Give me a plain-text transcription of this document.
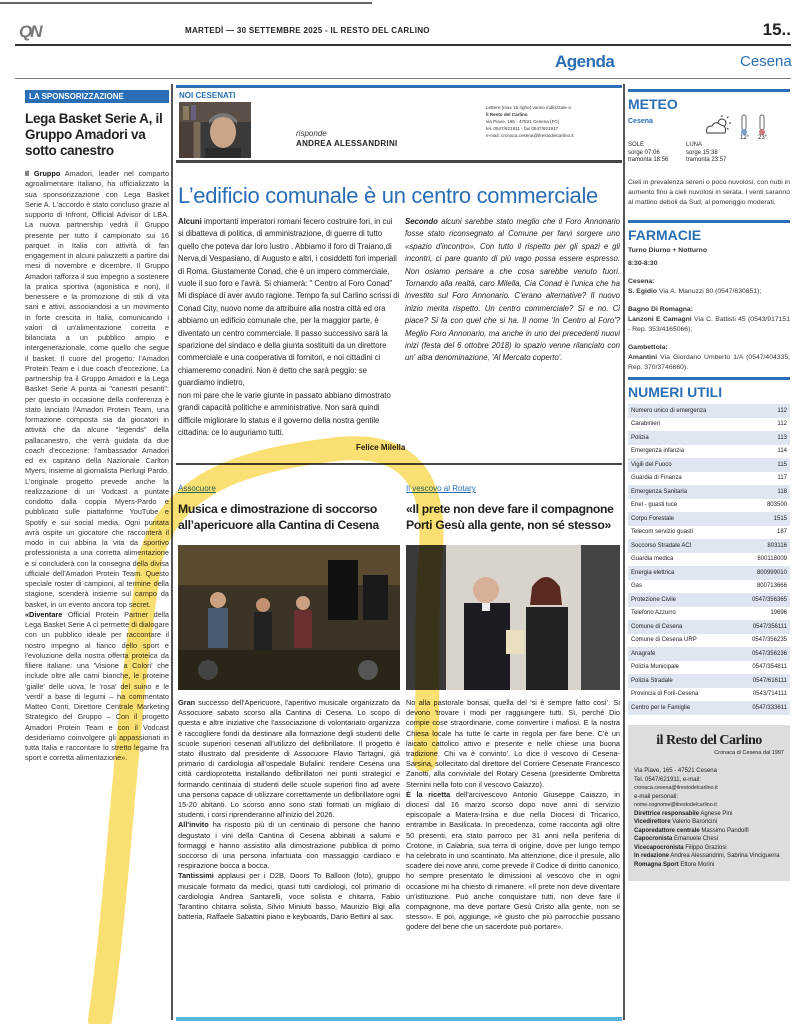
QN	MARTEDÌ — 30 SETTEMBRE 2025 - IL RESTO DEL CARLINO	15..
Agenda	Cesena
LA SPONSORIZZAZIONE
Lega Basket Serie A, il Gruppo Amadori va sotto canestro

Il Gruppo Amadori, leader nel comparto agroalimentare italiano, ha ufficializzato la sua sponsorizzazione con Lega Basket Serie A. L'accordo è stato concluso grazie al supporto di Infront, Official Advisor di LBA. La nuova partnership vedrà il Gruppo presente per tutto il campionato sui 16 parquet in Italia con attività di fan engagement in alcuni palazzetti a partire dai mesi di novembre e dicembre. Il Gruppo Amadori rafforza il suo impegno a sostenere la pratica sportiva (agonistica e non), il benessere e la promozione di stili di vita sani e attivi, associandosi a un movimento in forte crescita in Italia, comunicando i valori di un'alimentazione corretta e bilanciata a un pubblico ampio e intergenerazionale, come quello che segue il basket. Il cuore del progetto: l'Amadori Protein Team e i due coach d'eccezione. La partnership fra il Gruppo Amadori e la Lega Basket Serie A punta ai "canestri pesanti": per questo in occasione della conferenza è stato lanciato l'Amadori Protein Team, una formazione composta sia da giocatori in attività che da alcune "legends" della pallacanestro, che verrà guidata da due coach d'eccezione: l'ambassador Amadori ed ex capitano della Nazionale Carlton Myers, insieme al giornalista Pierluigi Pardo. L'originale progetto prevede anche la realizzazione di un Vodcast a puntate condotto dalla coppia Myers-Pardo e pubblicato sulle piattaforme YouTube e Spotify e sui social media. Ogni puntata avrà ospite un giocatore che racconterà il modo in cui abbina la vita da sportivo professionista a una corretta alimentazione e si concluderà con la consegna della divisa ufficiale dell'Amadori Protein Team. Questo speciale roster di campioni, al termine della stagione, scenderà insieme sul campo da basket, in un evento ancora top secret.

«Diventare Official Protein Partner della Lega Basket Serie A ci permette di dialogare con un pubblico ideale per raccontare il nostro impegno al fianco dello sport e l'evoluzione della nostra offerta proteica da filiere italiane: una 'Visione a Colori' che include oltre alle carni bianche, le proteine 'gialle' delle uova, le 'rosa' del suino e le 'verdi' a base di legumi – ha commentato Matteo Conti, Direttore Centrale Marketing Strategico del Gruppo – Con il progetto Amadori Protein Team e con il Vodcast desideriamo coinvolgere gli appassionati in tutta Italia e raccontare lo stretto legame fra sport e corretta alimentazione».

NOI CESENATI
risponde
ANDREA ALESSANDRINI
Lettere (max 15 righe) vanno indirizzate a
il Resto del Carlino
via Piave, 165 - 47521 Cesena (FC)
tel. 0547/621911 - fax 0547/621917
e-mail: cronaca.cesena@ilrestodelcarlino.it
L’edificio comunale è un centro commerciale

Alcuni importanti imperatori romani fecero costruire fori, in cui si dibatteva di politica, di amministrazione, di guerre di tutto quello che poteva dar loro lustro . Abbiamo il foro di Traiano,di Nerva,di Vespasiano, di Augusto e altri, i cosiddetti fori imperiali di Roma. Giustamente Conad, che è un impero commerciale, vuole il suo foro e l'avrà. Si chiamerà: " Centro al Foro Conad" Mi dispiace di aver avuto ragione. Tempo fa sul Carlino scrissi di Conad City, nuovo nome da attribuire alla nostra città ed ora abbiamo un edificio comunale che, per la maggior parte, è diventato un centro commerciale. Il passo successivo sarà la sparizione del sindaco e della giunta sostituiti da un direttore commerciale e una cooperativa di fornitori, e noi cittadini ci chiameremo conadini. Non è detto che sarà peggio: se guardiamo indietro,

non mi pare che le varie giunte in passato abbiano dimostrato grandi capacità politiche e amministrative. Non sarà quindi difficile migliorare lo status e il governo della nostra gentile cittadina: ce lo auguriamo tutti.

Felice Milella
Secondo alcuni sarebbe stato meglio che il Foro Annonario fosse stato riconsegnato al Comune per farvi sorgere uno «spazio d'incontro». Con tutto il rispetto per gli spazi e gli incontri, ci pare quanto di più vago possa essere espresso. Non osiamo pensare a che cosa sarebbe venuto fuori. Tornando alla realtà, caro Milella, Cia Conad è l'unica che ha investito sul Foro Annonario. C'erano alternative? Il nuovo inizio merita rispetto. Un centro commerciale? Sì e no. Ci piace? Si fa con quel che si ha. Il nome 'In Centro al Foro'? Meglio Foro Annonario, ma anche in uno dei precedenti nuovi inizi (festa del 6 ottobre 2018) lo spazio venne rilanciato con un' altra denominazione, 'Al Mercato coperto'.
Assocuore
Musica e dimostrazione di soccorso all’apericuore alla Cantina di Cesena

Gran successo dell'Apericuore, l'aperitivo musicale organizzato da Assocuore sabato scorso alla Cantina di Cesena. Lo scopo di questa e altre iniziative che l'associazione di volontariato organizza è raccogliere fondi da destinare alla formazione degli studenti delle scuole superiori cesenati all'utilizzo del defibrillatore. Il progetto è stato illustrato dal presidente di Assocuore Flavio Tartagni, già primario di cardiologia all'ospedale Bufalini: rendere Cesena una città cardioprotetta installando defibrillatori nei punti strategici e formando centinaia di studenti delle scuole superiori fino ad avere una persona capace di utilizzare correttamente un defibrillatore ogni 15-20 abitanti. Lo scorso anno sono stati formati un migliaio di studenti, i corsi riprenderanno all'inizio del 2026.

All'invito ha risposto più di un centinaio di persone che hanno degustato i vini della Cantina di Cesena abbinati a salumi e formaggi e hanno assistito alla dimostrazione pubblica di primo soccorso di una persona infartuata con massaggio cardiaco e respirazione bocca a bocca.

Tantissimi applausi per i D2B, Doors To Balloon (foto), gruppo musicale formato da medici, quasi tutti cardiologi, col primario di cardiologia Andrea Santarelli, voce solista e chitarra, Fabio Tarantino chitarra solista, Silvio Miniutti basso, Maurizio Bigi alla batteria, Raffaele Sabattini piano e keyboards, Dario Bettini al sax.

Il vescovo al Rotary
«Il prete non deve fare il compagnone Porti Gesù alla gente, non sé stesso»

No alla pastorale bonsai, quella del 'si è sempre fatto così'. Si devono 'trovare i modi per raggiungere tutti. Sì, perché Dio compie cose straordinarie, come convertire i mafiosi. E la nostra Chiesa locale ha tutte le carte in regola per fare bene. C'è un laicato cattolico attivo e presente e nelle chiese una buona tradizione. Chi va è convinto'. Lo dice il vescovo di Cesena-Sarsina, sollecitato dal direttore del Corriere Cesenate Francesco Zanotti, alla conviviale del Rotary Cesena (presidente Ombretta Sternini nella foto con il vescovo Caiazzo).

È la ricetta dell'arcivescovo Antonio Giuseppe Caiazzo, in diocesi dal 16 marzo scorso dopo nove anni di servizio episcopale a Matera-Irsina e due nella Diocesi di Tricarico, entrambe in Basilicata. In precedenza, come racconta agli oltre 50 presenti, era stato parroco per 31 anni nella periferia di Crotone, in Calabria, sua terra di origine, dove per lungo tempo ha celebrato in uno scantinato. Ma attenzione, dice il presule, allo scadere dei nove anni, come prevede il Codice di diritto canonico, ho sempre presentato le dimissioni al vescovo che in ogni occasione mi ha chiesto di rimanere. «Il prete non deve diventare un'istituzione. Può anche conquistare tutti, non deve fare il compagnone, ma deve portare Gesù Cristo alla gente, non se stesso». E poi, aggiunge, «è giusto che più parrocchie possano godere del bene che un sacerdote può portare».

METEO
Cesena
12° 23°
SOLE
sorge 07:06
tramonta 18:56
LUNA
sorge 15:38
tramonta 23:57

Cieli in prevalenza sereni o poco nuvolosi, con nubi in aumento fino a cieli nuvolosi in serata. I venti saranno al mattino deboli da Sud, al pomeriggio moderati.

FARMACIE
Turno Diurno + Notturno
8:30-8:30
Cesena:
S. Egidio Via A. Manuzzi 80 (0547/630851);
Bagno Di Romagna:
Lanzoni E Camagni Via C. Battisti 45 (0543/917151 - Rep. 353/4165066);
Gambettola:
Amantini Via Giordano Umberto 1/A (0547/404335, Rep. 370/3746660).
NUMERI UTILI
Numero unico di emergenza	112
Carabinieri	112
Polizia	113
Emergenza infanzia	114
Vigili del Fuoco	115
Guardia di Finanza	117
Emergenza Sanitaria	118
Enel - guasti luce	803500
Corpo Forestale	1515
Telecom servizio guasti	187
Soccorso Stradale ACI	803116
Guardia medica	800118009
Energia elettrica	800999010
Gas	800713666
Protezione Civile	0547/356365
Telefono Azzurro	19696
Comune di Cesena	0547/356111
Comune di Cesena URP	0547/356235
Anagrafe	0547/356236
Polizia Municipale	0547/354811
Polizia Stradale	0547/616111
Provincia di Forlì-Cesena	0543/714111
Centro per le Famiglie	0547/333611
il Resto del Carlino
Cronaca di Cesena dal 1997
Via Piave, 165 - 47521 Cesena
Tel. 0547/621911, e-mail:
cronaca.cesena@ilrestodelcarlino.it
e-mail personali:
nome.cognome@ilrestodelcarlino.it
Direttrice responsabile Agnese Pini
Vicedirettore Valerio Baroncini
Caporedattore centrale Massimo Pandolfi
Capocronista Emanuele Chesi
Vicecapocronista Filippo Graziosi
In redazione Andrea Alessandrini, Sabrina Vinciguerra
Romagna Sport Ettore Morini
